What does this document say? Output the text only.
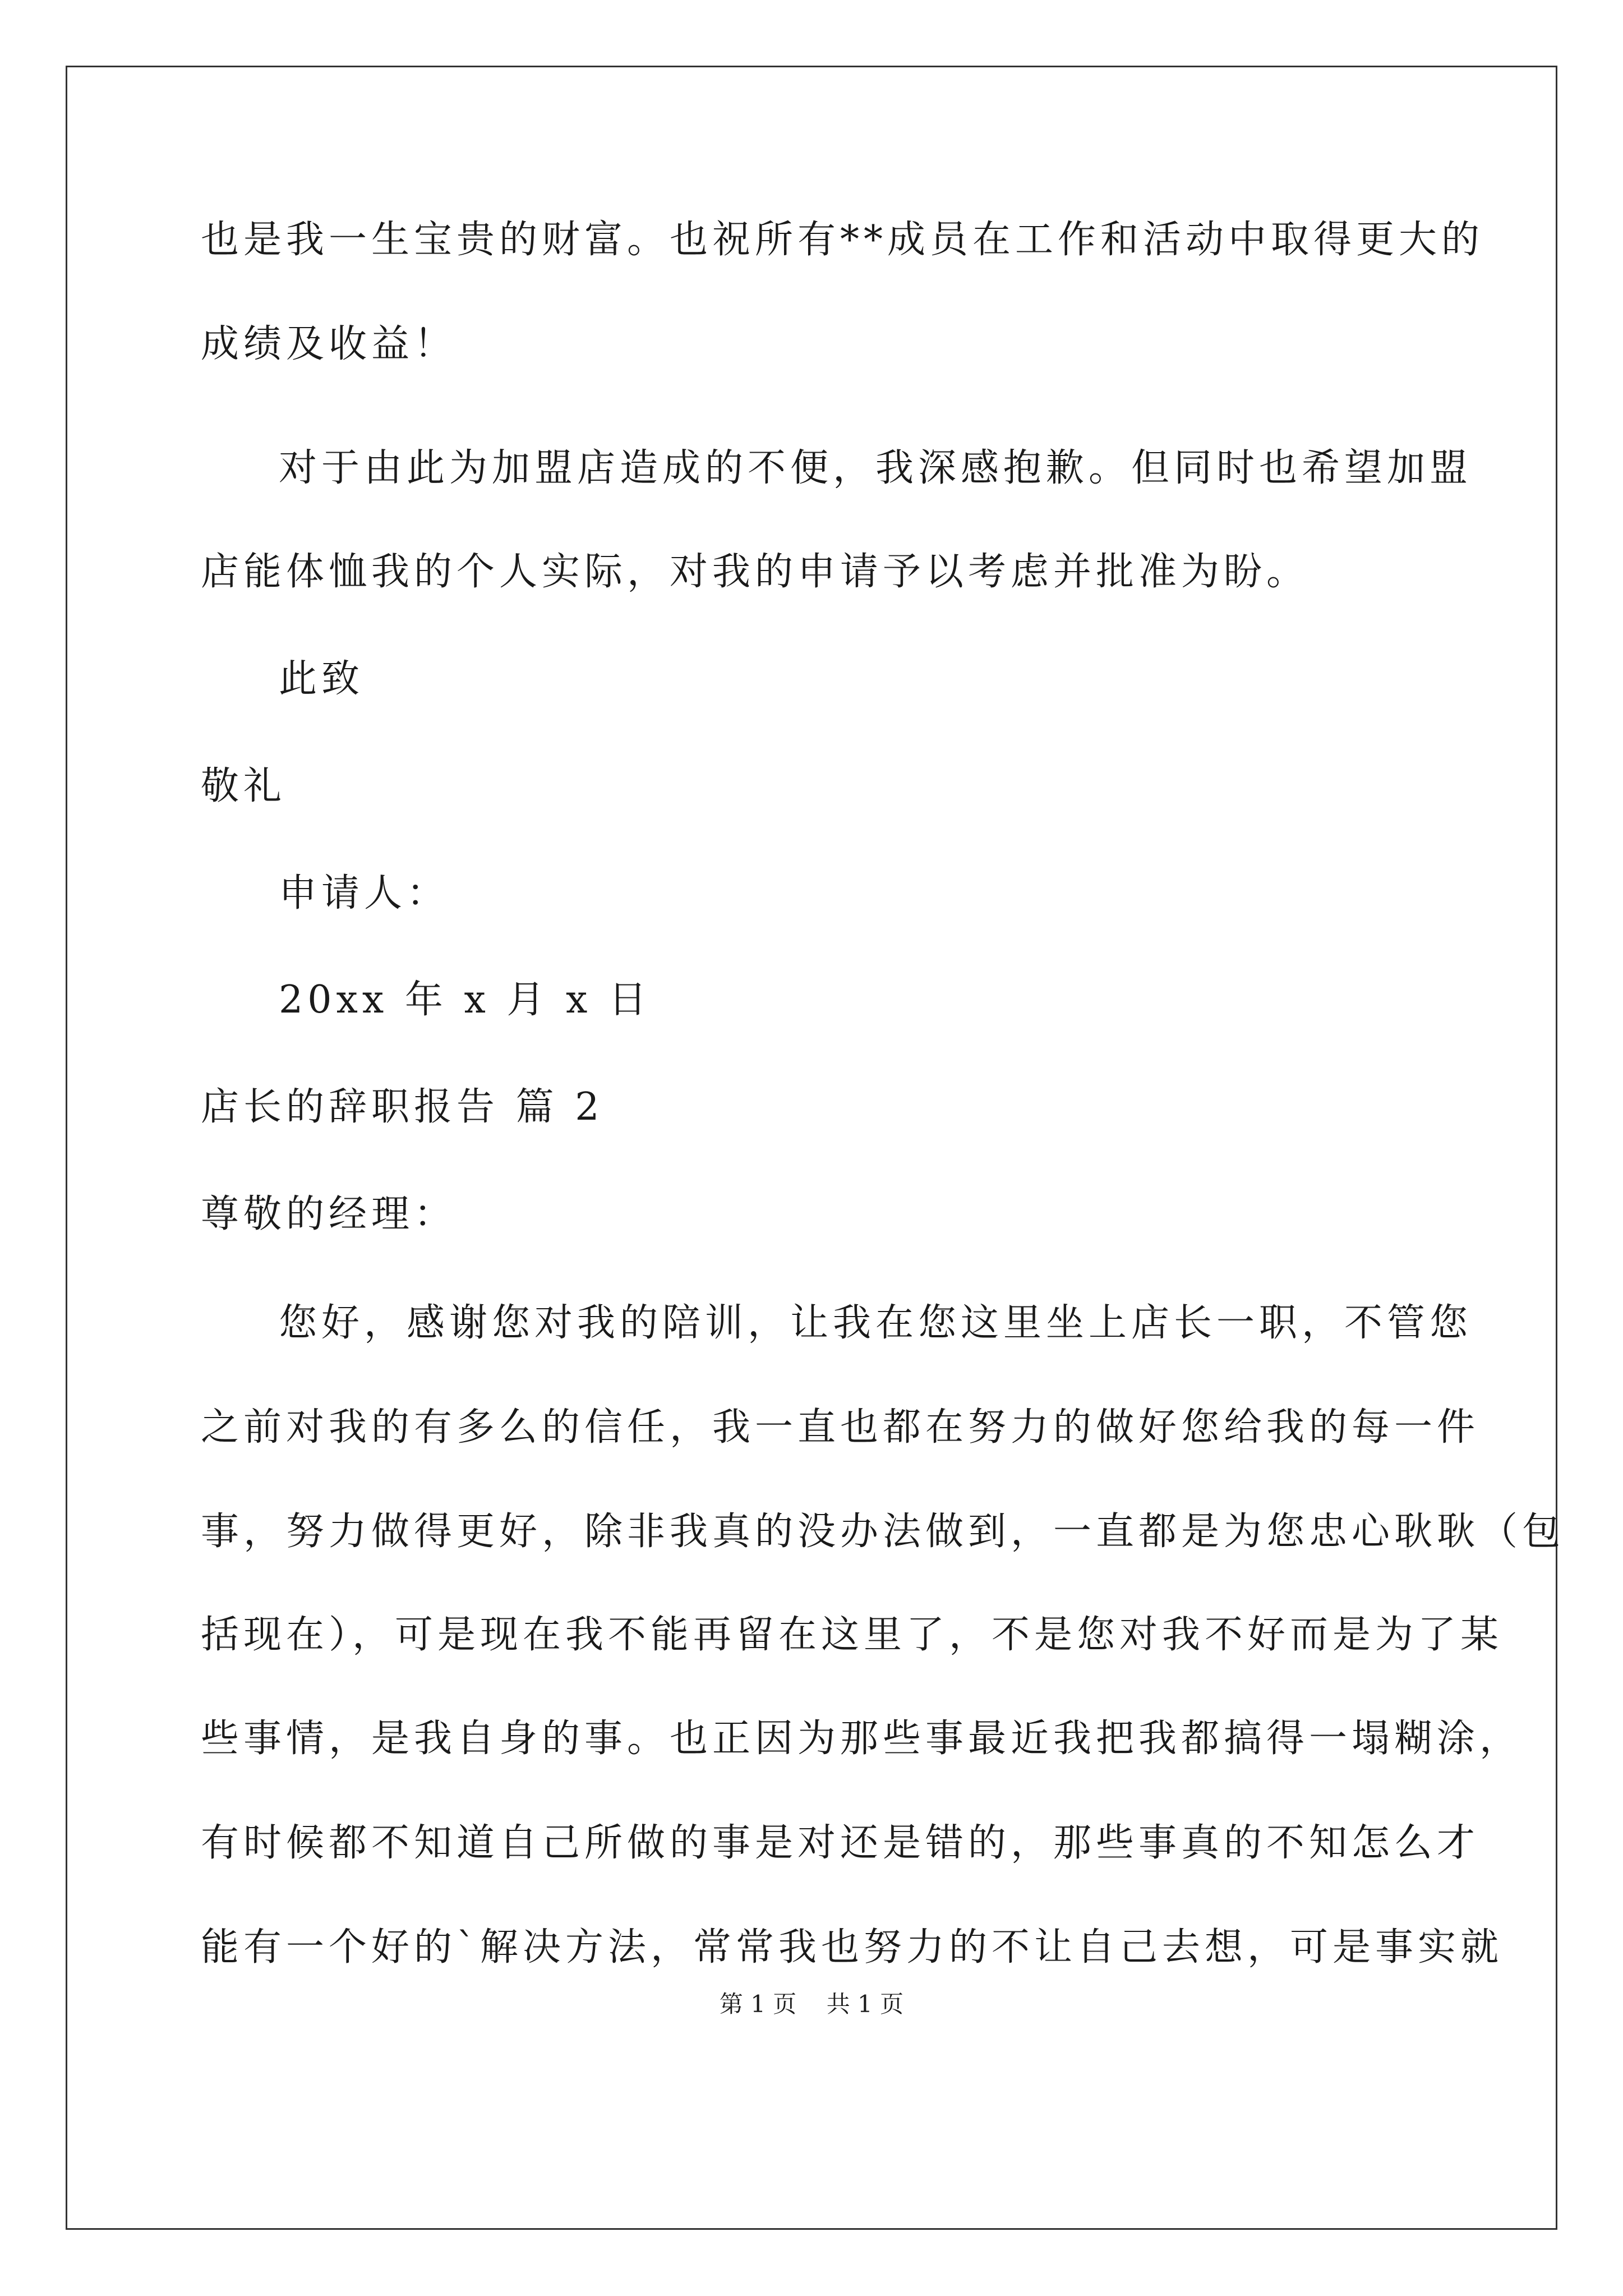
也是我一生宝贵的财富。也祝所有**成员在工作和活动中取得更大的
成绩及收益！
对于由此为加盟店造成的不便，我深感抱歉。但同时也希望加盟
店能体恤我的个人实际，对我的申请予以考虑并批准为盼。
此致
敬礼
申请人：
20xx 年 x 月 x 日
店长的辞职报告 篇 2
尊敬的经理：
您好，感谢您对我的陪训，让我在您这里坐上店长一职，不管您
之前对我的有多么的信任，我一直也都在努力的做好您给我的每一件
事，努力做得更好，除非我真的没办法做到，一直都是为您忠心耿耿（包
括现在），可是现在我不能再留在这里了，不是您对我不好而是为了某
些事情，是我自身的事。也正因为那些事最近我把我都搞得一塌糊涂，
有时候都不知道自己所做的事是对还是错的，那些事真的不知怎么才
能有一个好的`解决方法，常常我也努力的不让自己去想，可是事实就
第 1 页    共 1 页
